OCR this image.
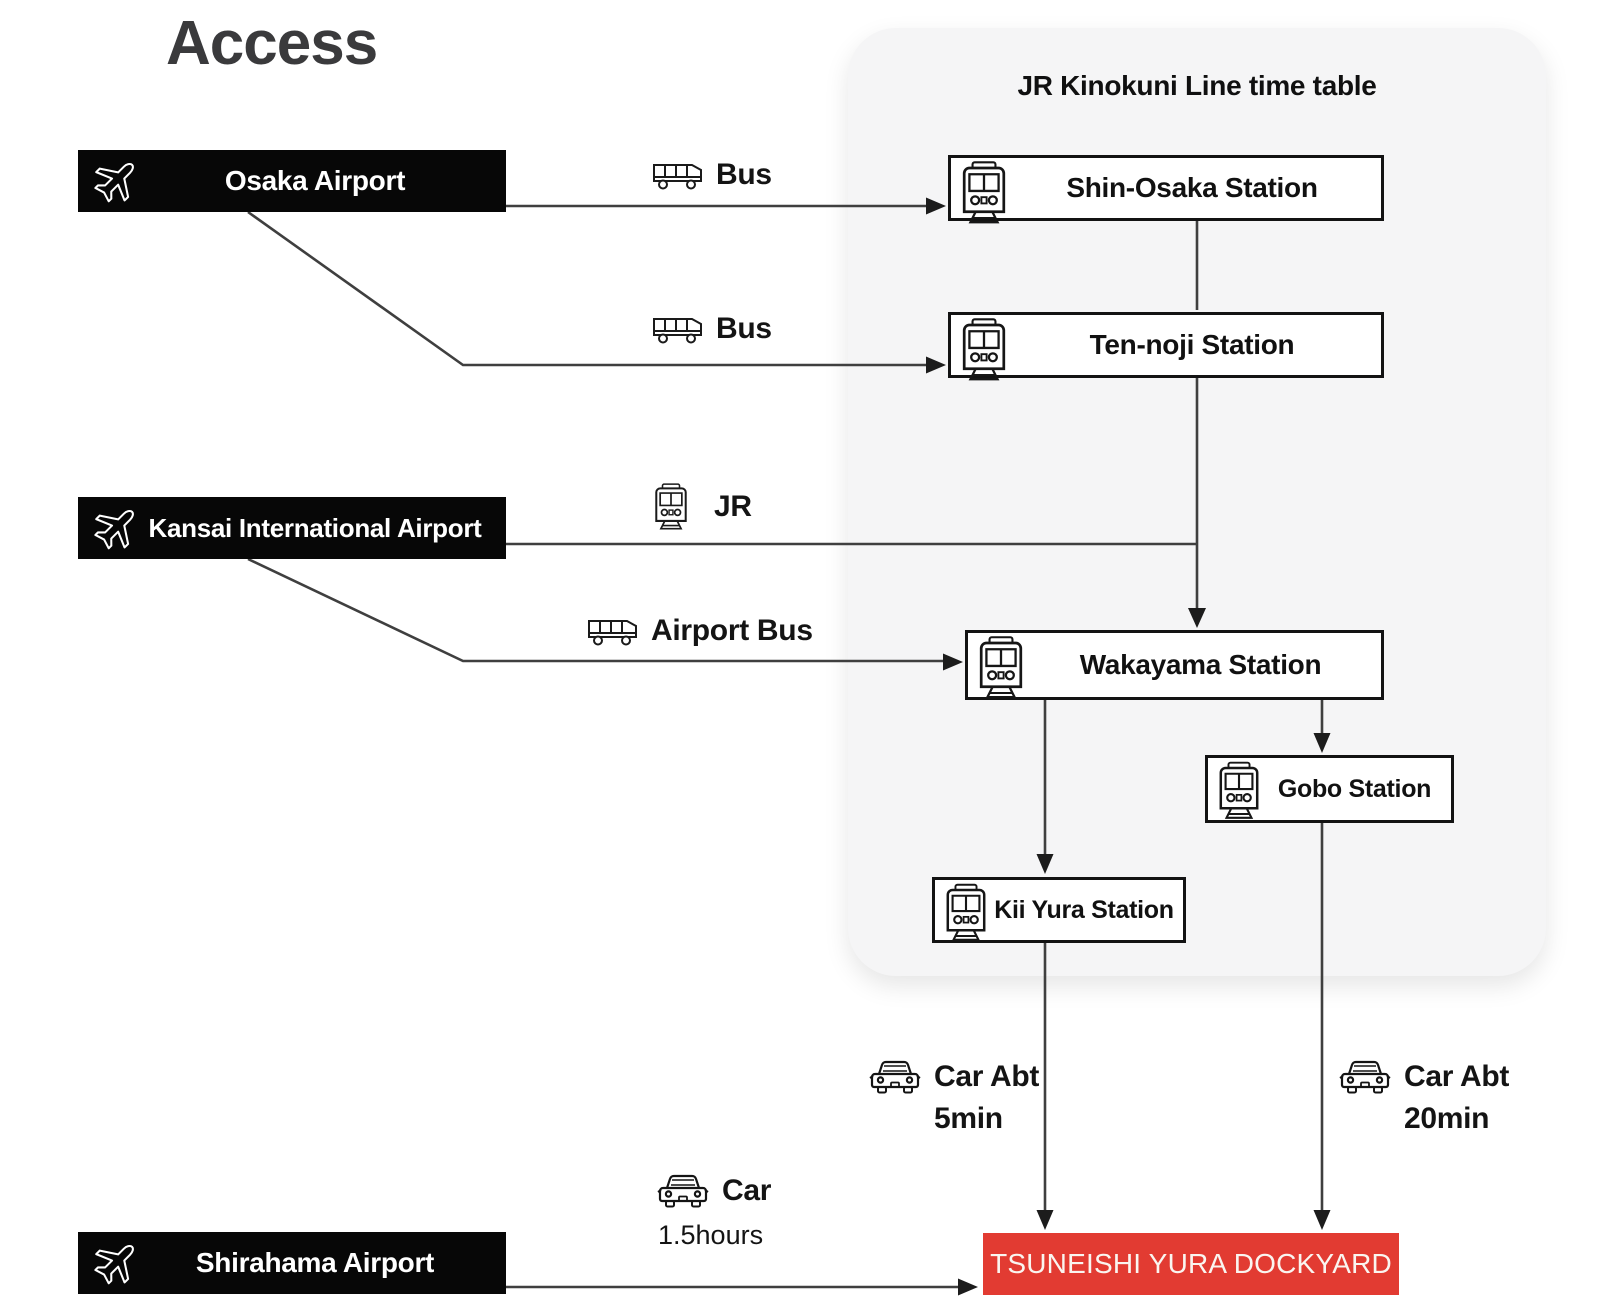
JR Kinokuni Line time table
Access
Osaka Airport
Kansai International Airport
Shirahama Airport
Shin-Osaka Station
Ten-noji Station
Wakayama Station
Gobo Station
Kii Yura Station
TSUNEISHI YURA DOCKYARD
Bus
Bus
JR
Airport Bus
Car Abt
5min
Car Abt
20min
Car
1.5hours
